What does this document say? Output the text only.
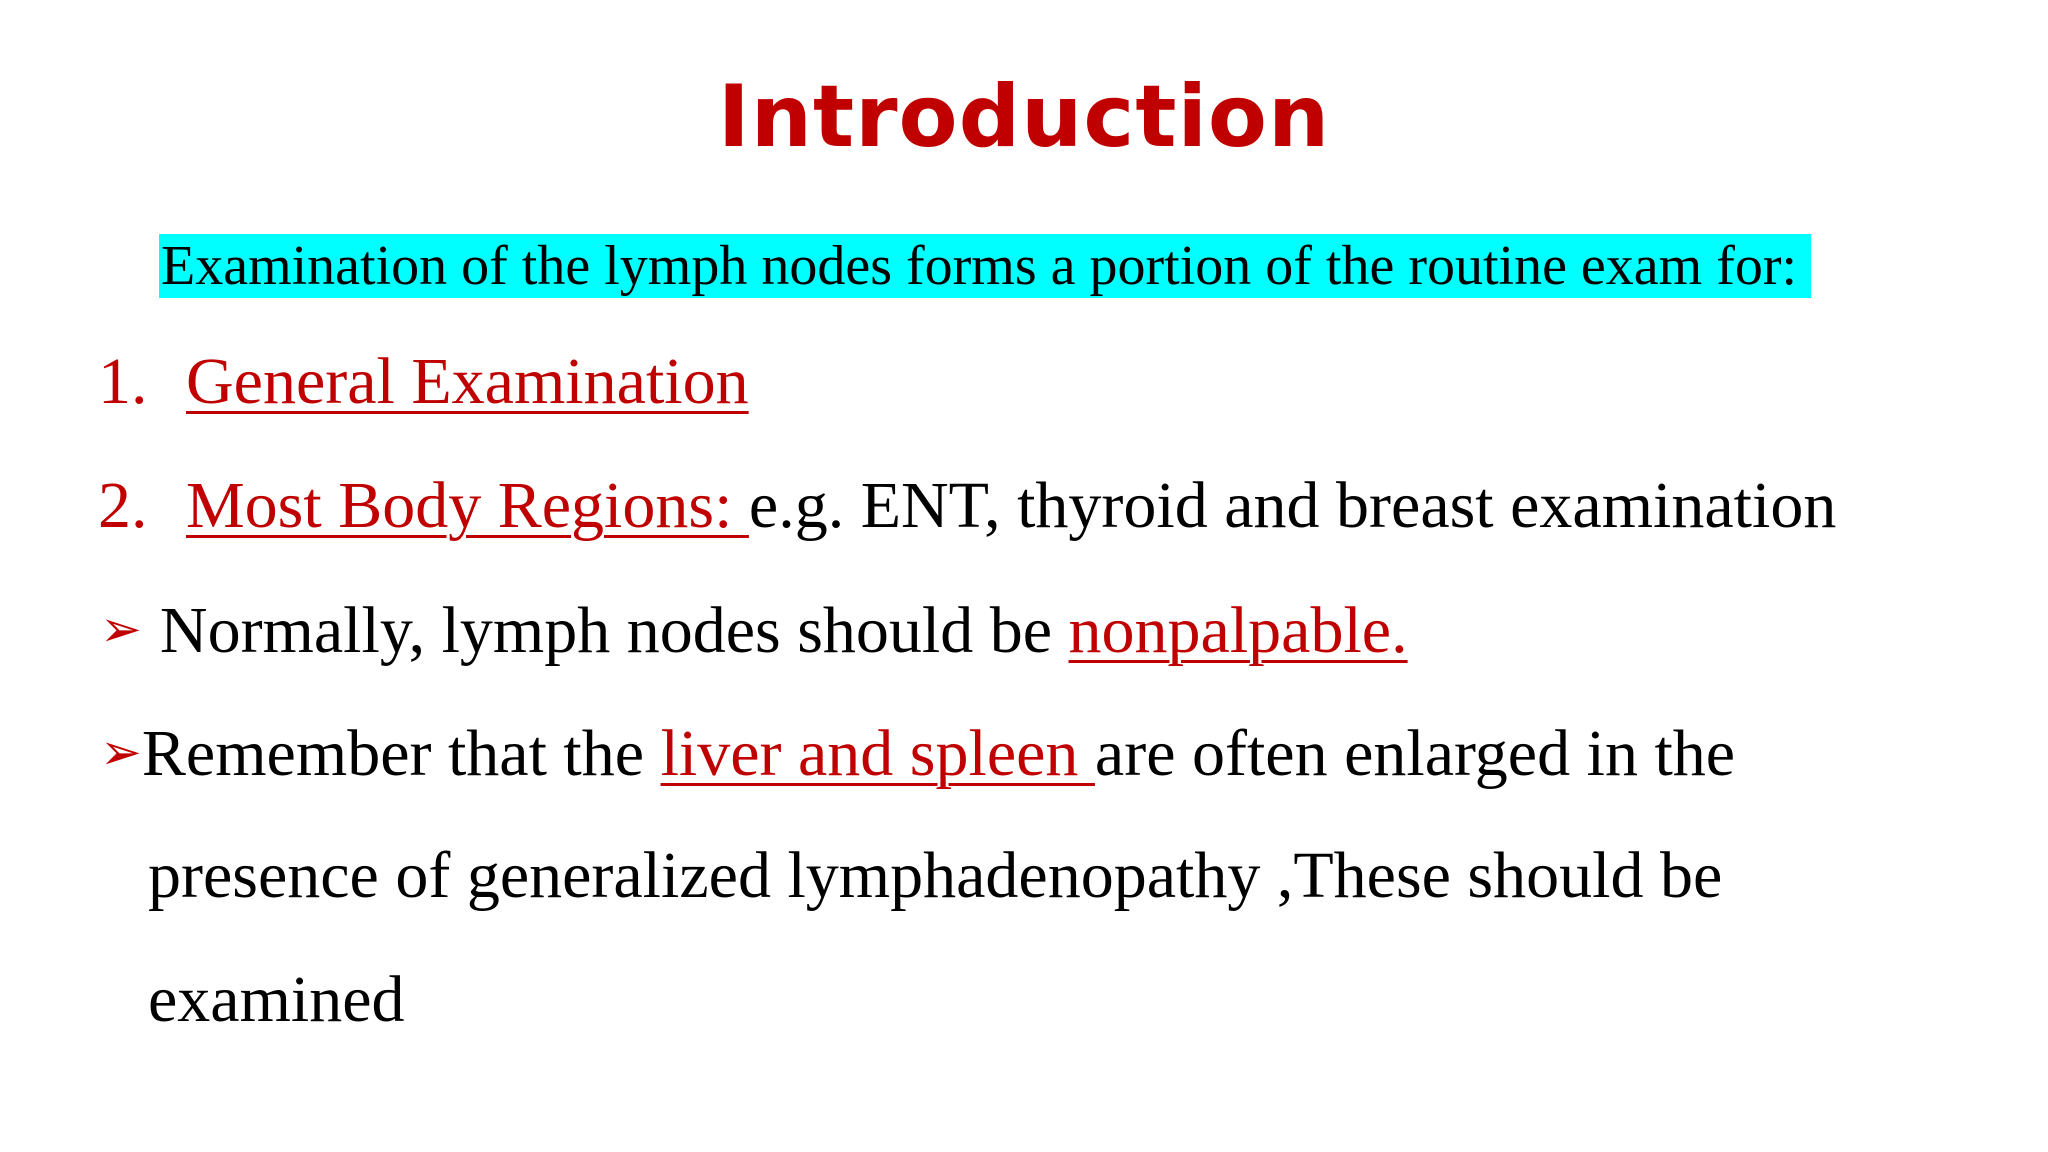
Introduction
Examination of the lymph nodes forms a portion of the routine exam for:
1. General Examination
2. Most Body Regions: e.g. ENT, thyroid and breast examination
➢ Normally, lymph nodes should be nonpalpable.
➢Remember that the liver and spleen are often enlarged in the
presence of generalized lymphadenopathy ,These should be
examined
